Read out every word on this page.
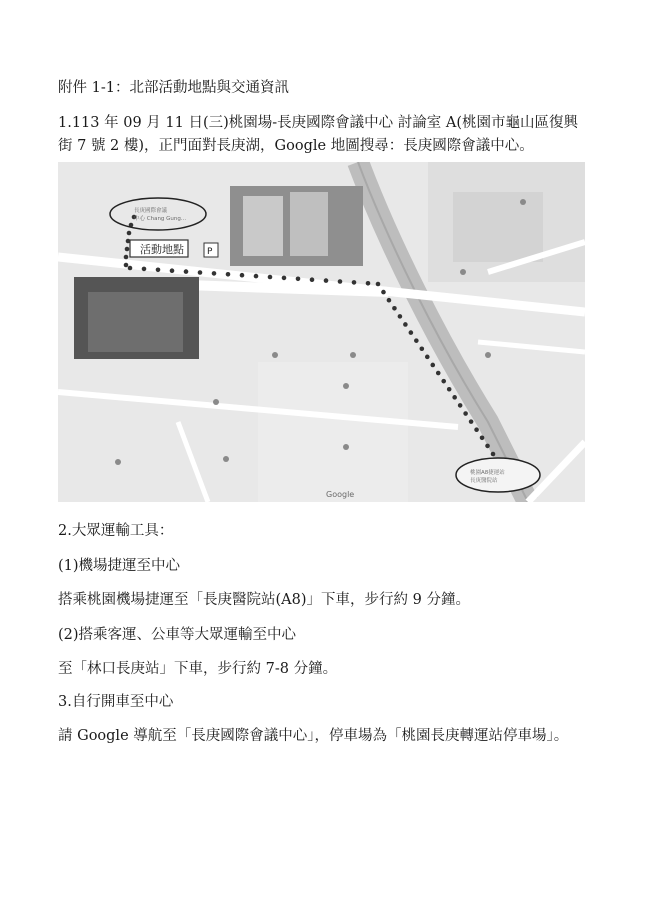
附件 1-1：北部活動地點與交通資訊
1.113 年 09 月 11 日(三)桃園場-長庚國際會議中心 討論室 A(桃園市龜山區復興
街 7 號 2 樓)，正門面對長庚湖，Google 地圖搜尋：長庚國際會議中心。
長庚國際會議
中心 Chang Gung...
活動地點	P
桃園A8捷運站
長庚醫院站
Google
2.大眾運輸工具：
(1)機場捷運至中心
搭乘桃園機場捷運至「長庚醫院站(A8)」下車，步行約 9 分鐘。
(2)搭乘客運、公車等大眾運輸至中心
至「林口長庚站」下車，步行約 7-8 分鐘。
3.自行開車至中心
請 Google 導航至「長庚國際會議中心」，停車場為「桃園長庚轉運站停車場」。
